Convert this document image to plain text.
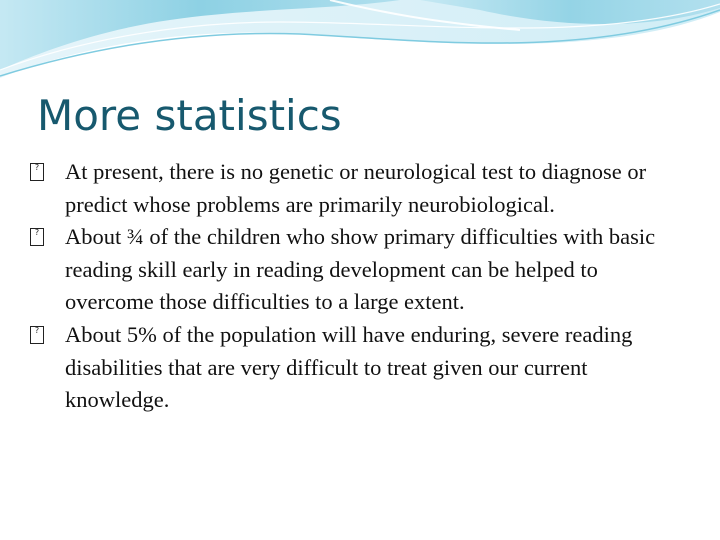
More statistics
? At present, there is no genetic or neurological test to diagnose or predict whose problems are primarily neurobiological.
? About ¾ of the children who show primary difficulties with basic reading skill early in reading development can be helped to overcome those difficulties to a large extent.
? About 5% of the population will have enduring, severe reading disabilities that are very difficult to treat given our current knowledge.
